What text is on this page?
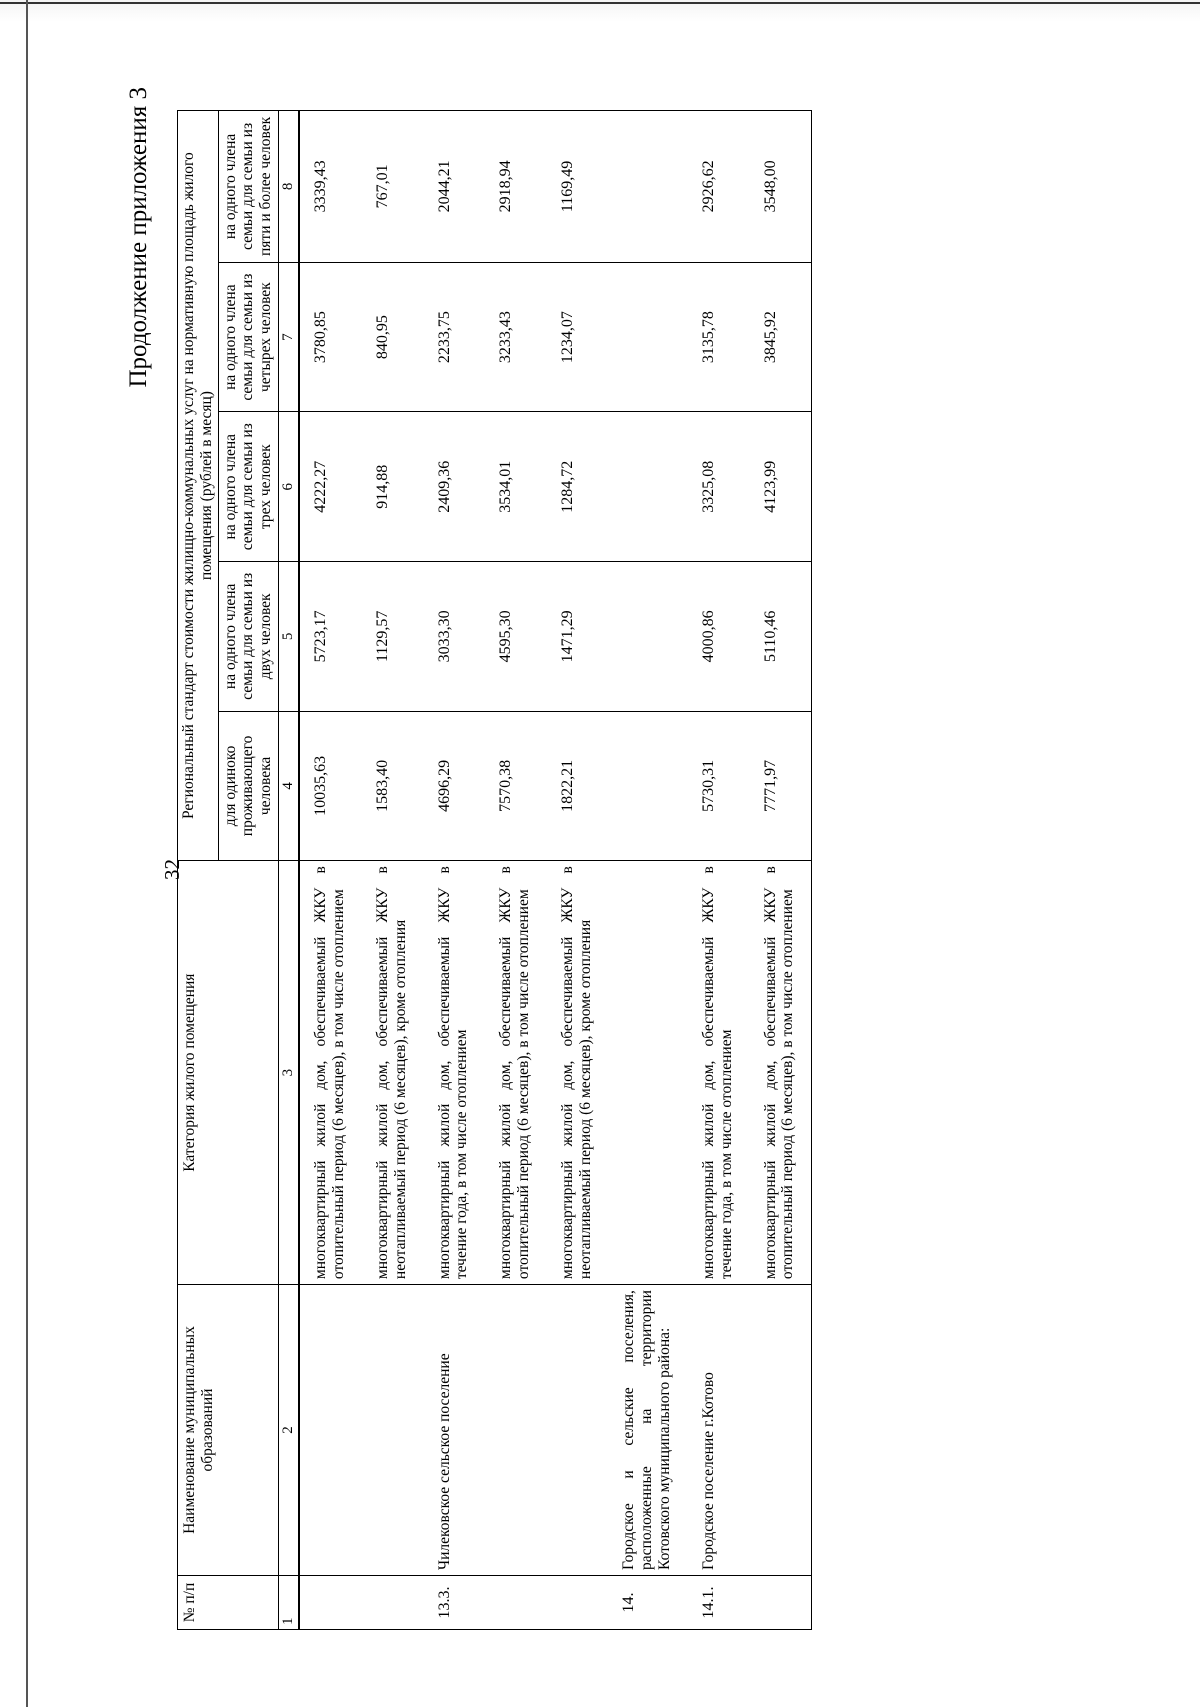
Продолжение приложения 3
32
№ п/п	Наименование муниципальных образований	Категория жилого помещения	Региональный стандарт стоимости жилищно-коммунальных услуг на нормативную площадь жилого помещения (рублей в месяц)				
			для одиноко проживающего человека	на одного члена семьи для семьи из двух человек	на одного члена семьи для семьи из трех человек	на одного члена семьи для семьи из четырех человек	на одного члена семьи для семьи из пяти и более человек
1	2	3	4	5	6	7	8
		многоквартирный жилой дом, обеспечиваемый ЖКУ в отопительный период (6 месяцев), в том числе отоплением	10035,63	5723,17	4222,27	3780,85	3339,43
		многоквартирный жилой дом, обеспечиваемый ЖКУ в неотапливаемый период (6 месяцев), кроме отопления	1583,40	1129,57	914,88	840,95	767,01
13.3.	Чилековское сельское поселение	многоквартирный жилой дом, обеспечиваемый ЖКУ в течение года, в том числе отоплением	4696,29	3033,30	2409,36	2233,75	2044,21
		многоквартирный жилой дом, обеспечиваемый ЖКУ в отопительный период (6 месяцев), в том числе отоплением	7570,38	4595,30	3534,01	3233,43	2918,94
		многоквартирный жилой дом, обеспечиваемый ЖКУ в неотапливаемый период (6 месяцев), кроме отопления	1822,21	1471,29	1284,72	1234,07	1169,49
14.	Городское и сельские поселения, расположенные на территории Котовского муниципального района:						
14.1.	Городское поселение г.Котово	многоквартирный жилой дом, обеспечиваемый ЖКУ в течение года, в том числе отоплением	5730,31	4000,86	3325,08	3135,78	2926,62
		многоквартирный жилой дом, обеспечиваемый ЖКУ в отопительный период (6 месяцев), в том числе отоплением	7771,97	5110,46	4123,99	3845,92	3548,00
